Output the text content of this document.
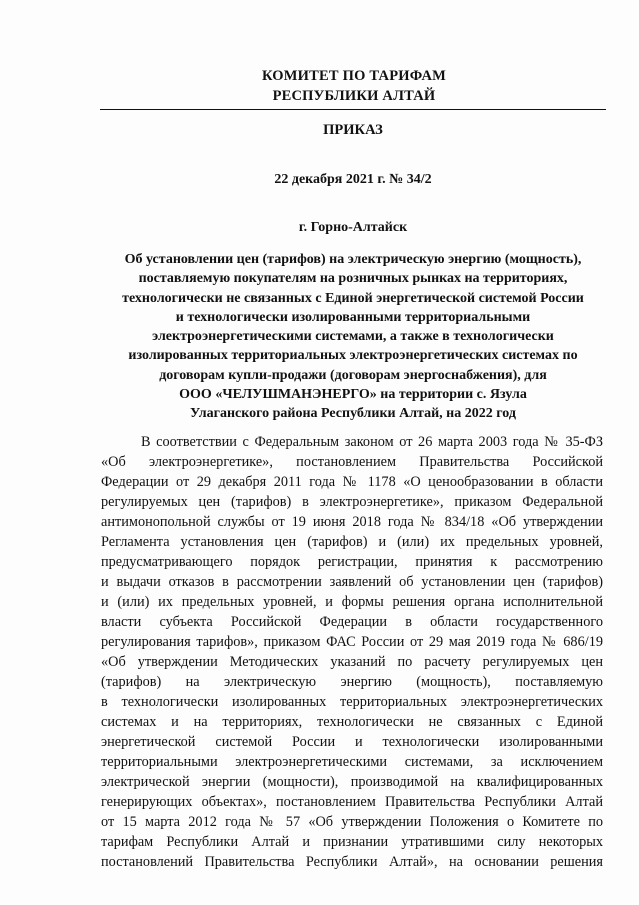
КОМИТЕТ ПО ТАРИФАМ
РЕСПУБЛИКИ АЛТАЙ
ПРИКАЗ
22 декабря 2021 г. № 34/2
г. Горно-Алтайск
Об установлении цен (тарифов) на электрическую энергию (мощность),
поставляемую покупателям на розничных рынках на территориях,
технологически не связанных с Единой энергетической системой России
и технологически изолированными территориальными
электроэнергетическими системами, а также в технологически
изолированных территориальных электроэнергетических системах по
договорам купли-продажи (договорам энергоснабжения), для
ООО «ЧЕЛУШМАНЭНЕРГО» на территории с. Язула
Улаганского района Республики Алтай, на 2022 год
В соответствии с Федеральным законом от 26 марта 2003 года № 35-ФЗ
«Об электроэнергетике», постановлением Правительства Российской
Федерации от 29 декабря 2011 года № 1178 «О ценообразовании в области
регулируемых цен (тарифов) в электроэнергетике», приказом Федеральной
антимонопольной службы от 19 июня 2018 года № 834/18 «Об утверждении
Регламента установления цен (тарифов) и (или) их предельных уровней,
предусматривающего порядок регистрации, принятия к рассмотрению
и выдачи отказов в рассмотрении заявлений об установлении цен (тарифов)
и (или) их предельных уровней, и формы решения органа исполнительной
власти субъекта Российской Федерации в области государственного
регулирования тарифов», приказом ФАС России от 29 мая 2019 года № 686/19
«Об утверждении Методических указаний по расчету регулируемых цен
(тарифов) на электрическую энергию (мощность), поставляемую
в технологически изолированных территориальных электроэнергетических
системах и на территориях, технологически не связанных с Единой
энергетической системой России и технологически изолированными
территориальными электроэнергетическими системами, за исключением
электрической энергии (мощности), производимой на квалифицированных
генерирующих объектах», постановлением Правительства Республики Алтай
от 15 марта 2012 года № 57 «Об утверждении Положения о Комитете по
тарифам Республики Алтай и признании утратившими силу некоторых
постановлений Правительства Республики Алтай», на основании решения
